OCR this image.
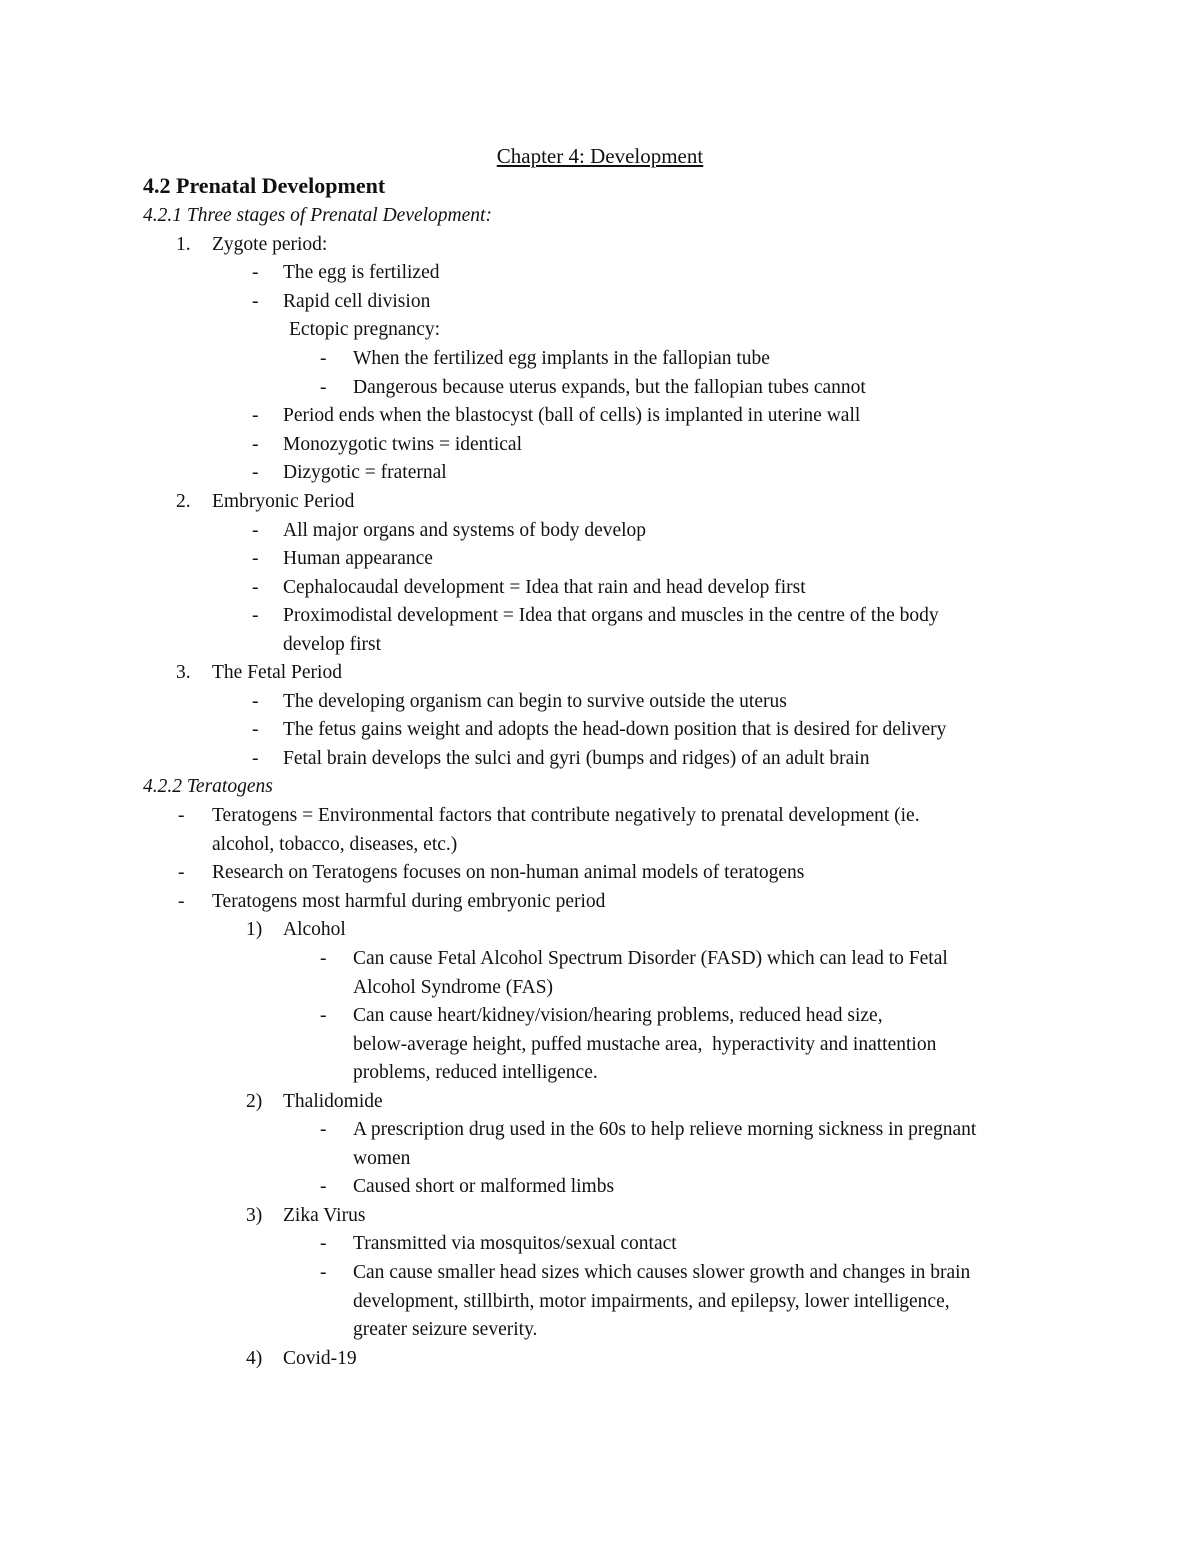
Chapter 4: Development
4.2 Prenatal Development
4.2.1 Three stages of Prenatal Development:
1. Zygote period:
- The egg is fertilized
- Rapid cell division
Ectopic pregnancy:
- When the fertilized egg implants in the fallopian tube
- Dangerous because uterus expands, but the fallopian tubes cannot
- Period ends when the blastocyst (ball of cells) is implanted in uterine wall
- Monozygotic twins = identical
- Dizygotic = fraternal
2. Embryonic Period
- All major organs and systems of body develop
- Human appearance
- Cephalocaudal development = Idea that rain and head develop first
- Proximodistal development = Idea that organs and muscles in the centre of the body
develop first
3. The Fetal Period
- The developing organism can begin to survive outside the uterus
- The fetus gains weight and adopts the head-down position that is desired for delivery
- Fetal brain develops the sulci and gyri (bumps and ridges) of an adult brain
4.2.2 Teratogens
- Teratogens = Environmental factors that contribute negatively to prenatal development (ie.
alcohol, tobacco, diseases, etc.)
- Research on Teratogens focuses on non-human animal models of teratogens
- Teratogens most harmful during embryonic period
1) Alcohol
- Can cause Fetal Alcohol Spectrum Disorder (FASD) which can lead to Fetal
Alcohol Syndrome (FAS)
- Can cause heart/kidney/vision/hearing problems, reduced head size,
below-average height, puffed mustache area,  hyperactivity and inattention
problems, reduced intelligence.
2) Thalidomide
- A prescription drug used in the 60s to help relieve morning sickness in pregnant
women
- Caused short or malformed limbs
3) Zika Virus
- Transmitted via mosquitos/sexual contact
- Can cause smaller head sizes which causes slower growth and changes in brain
development, stillbirth, motor impairments, and epilepsy, lower intelligence,
greater seizure severity.
4) Covid-19
